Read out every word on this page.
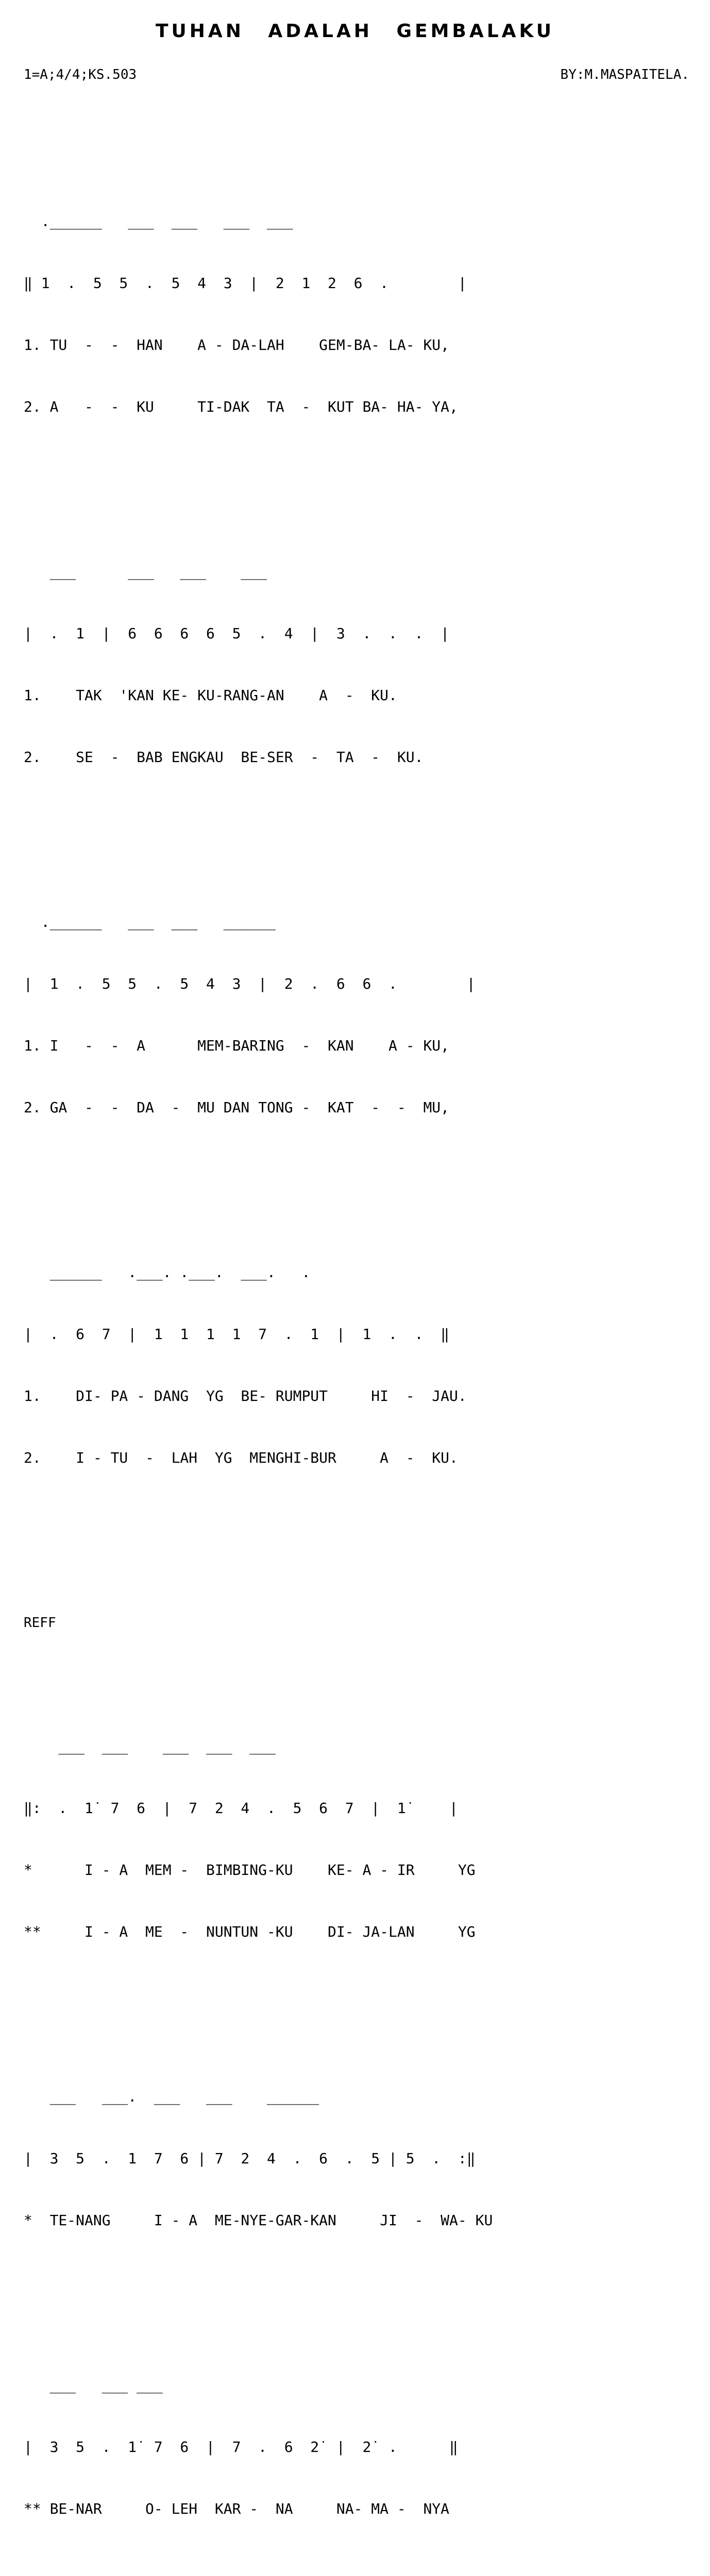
TUHAN ADALAH GEMBALAKU
1=A;4/4;KS.503	BY:M.MASPAITELA.

.______   ___  ___   ___  ___

‖ 1  .  5  5  .  5  4  3  |  2  1  2  6  .        |

1. TU  -  -  HAN    A - DA-LAH    GEM-BA- LA- KU,

2. A   -  -  KU     TI-DAK  TA  -  KUT BA- HA- YA,

___      ___   ___    ___

|  .  1  |  6  6  6  6  5  .  4  |  3  .  .  .  |

1.    TAK  'KAN KE- KU-RANG-AN    A  -  KU.

2.    SE  -  BAB ENGKAU  BE-SER  -  TA  -  KU.

.______   ___  ___   ______

|  1  .  5  5  .  5  4  3  |  2  .  6  6  .        |

1. I   -  -  A      MEM-BARING  -  KAN    A - KU,

2. GA  -  -  DA  -  MU DAN TONG -  KAT  -  -  MU,

______   .___. .___.  ___.   .

|  .  6  7  |  1  1  1  1  7  .  1  |  1  .  .  ‖

1.    DI- PA - DANG  YG  BE- RUMPUT     HI  -  JAU.

2.    I - TU  -  LAH  YG  MENGHI-BUR     A  -  KU.

REFF

___  ___    ___  ___  ___

‖:  .  1̇  7  6  |  7  2  4  .  5  6  7  |  1̇     |

*      I - A  MEM -  BIMBING-KU    KE- A - IR     YG

**     I - A  ME  -  NUNTUN -KU    DI- JA-LAN     YG

___   ___.  ___   ___    ______

|  3  5  .  1  7  6 | 7  2  4  .  6  .  5 | 5  .  :‖

*  TE-NANG     I - A  ME-NYE-GAR-KAN     JI  -  WA- KU

___   ___ ___

|  3  5  .  1̇  7  6  |  7  .  6  2̇  |  2̇  .      ‖

** BE-NAR     O- LEH  KAR -  NA     NA- MA -  NYA
